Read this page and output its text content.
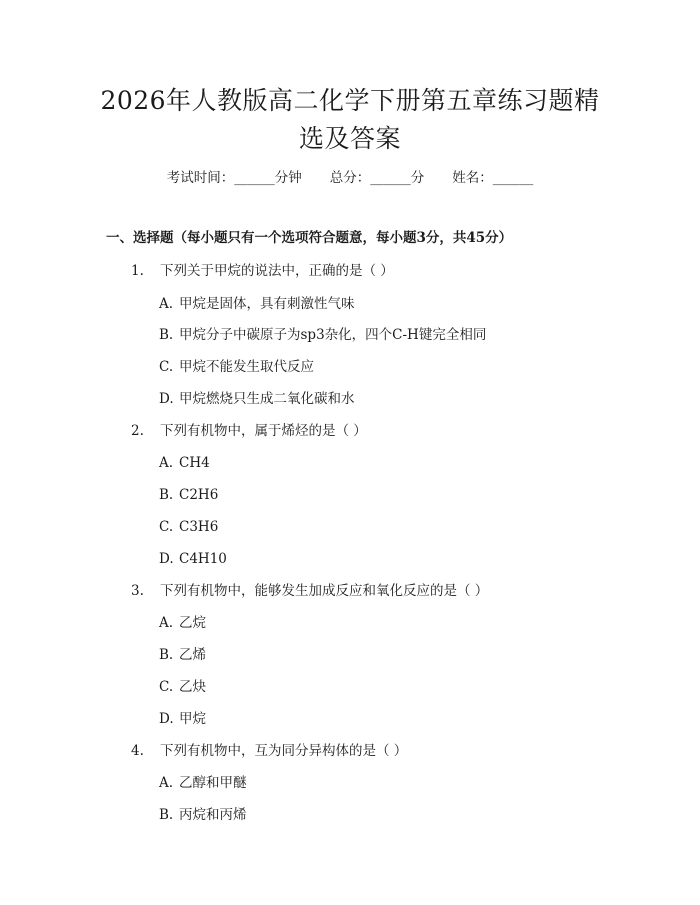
2026年人教版高二化学下册第五章练习题精
选及答案
考试时间：______分钟 总分：______分 姓名：______
一、选择题（每小题只有一个选项符合题意，每小题3分，共45分）
1. 下列关于甲烷的说法中，正确的是（ ）
A. 甲烷是固体，具有刺激性气味
B. 甲烷分子中碳原子为sp3杂化，四个C-H键完全相同
C. 甲烷不能发生取代反应
D. 甲烷燃烧只生成二氧化碳和水
2. 下列有机物中，属于烯烃的是（ ）
A. CH4
B. C2H6
C. C3H6
D. C4H10
3. 下列有机物中，能够发生加成反应和氧化反应的是（ ）
A. 乙烷
B. 乙烯
C. 乙炔
D. 甲烷
4. 下列有机物中，互为同分异构体的是（ ）
A. 乙醇和甲醚
B. 丙烷和丙烯
